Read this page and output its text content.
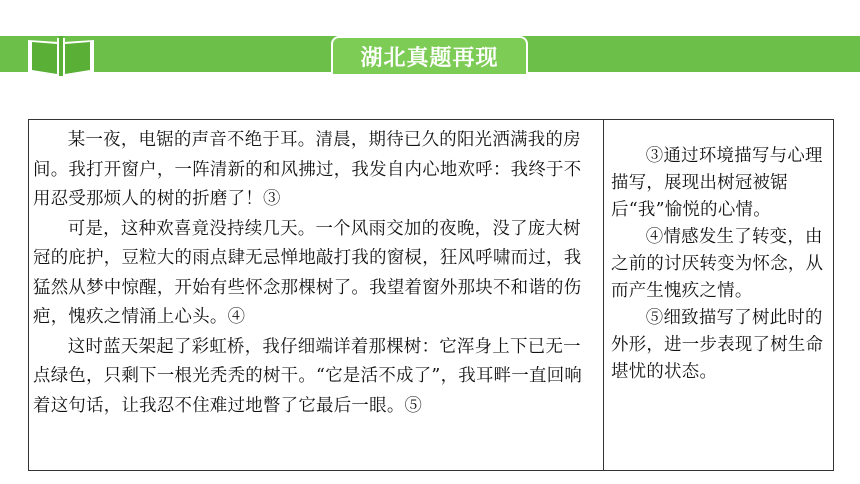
湖北真题再现

某一夜，电锯的声音不绝于耳。清晨，期待已久的阳光洒满我的房间。我打开窗户，一阵清新的和风拂过，我发自内心地欢呼：我终于不用忍受那烦人的树的折磨了！③

可是，这种欢喜竟没持续几天。一个风雨交加的夜晚，没了庞大树冠的庇护，豆粒大的雨点肆无忌惮地敲打我的窗棂，狂风呼啸而过，我猛然从梦中惊醒，开始有些怀念那棵树了。我望着窗外那块不和谐的伤疤，愧疚之情涌上心头。④

这时蓝天架起了彩虹桥，我仔细端详着那棵树：它浑身上下已无一点绿色，只剩下一根光秃秃的树干。“它是活不成了”，我耳畔一直回响着这句话，让我忍不住难过地瞥了它最后一眼。⑤

③通过环境描写与心理描写，展现出树冠被锯后“我”愉悦的心情。

④情感发生了转变，由之前的讨厌转变为怀念，从而产生愧疚之情。

⑤细致描写了树此时的外形，进一步表现了树生命堪忧的状态。
